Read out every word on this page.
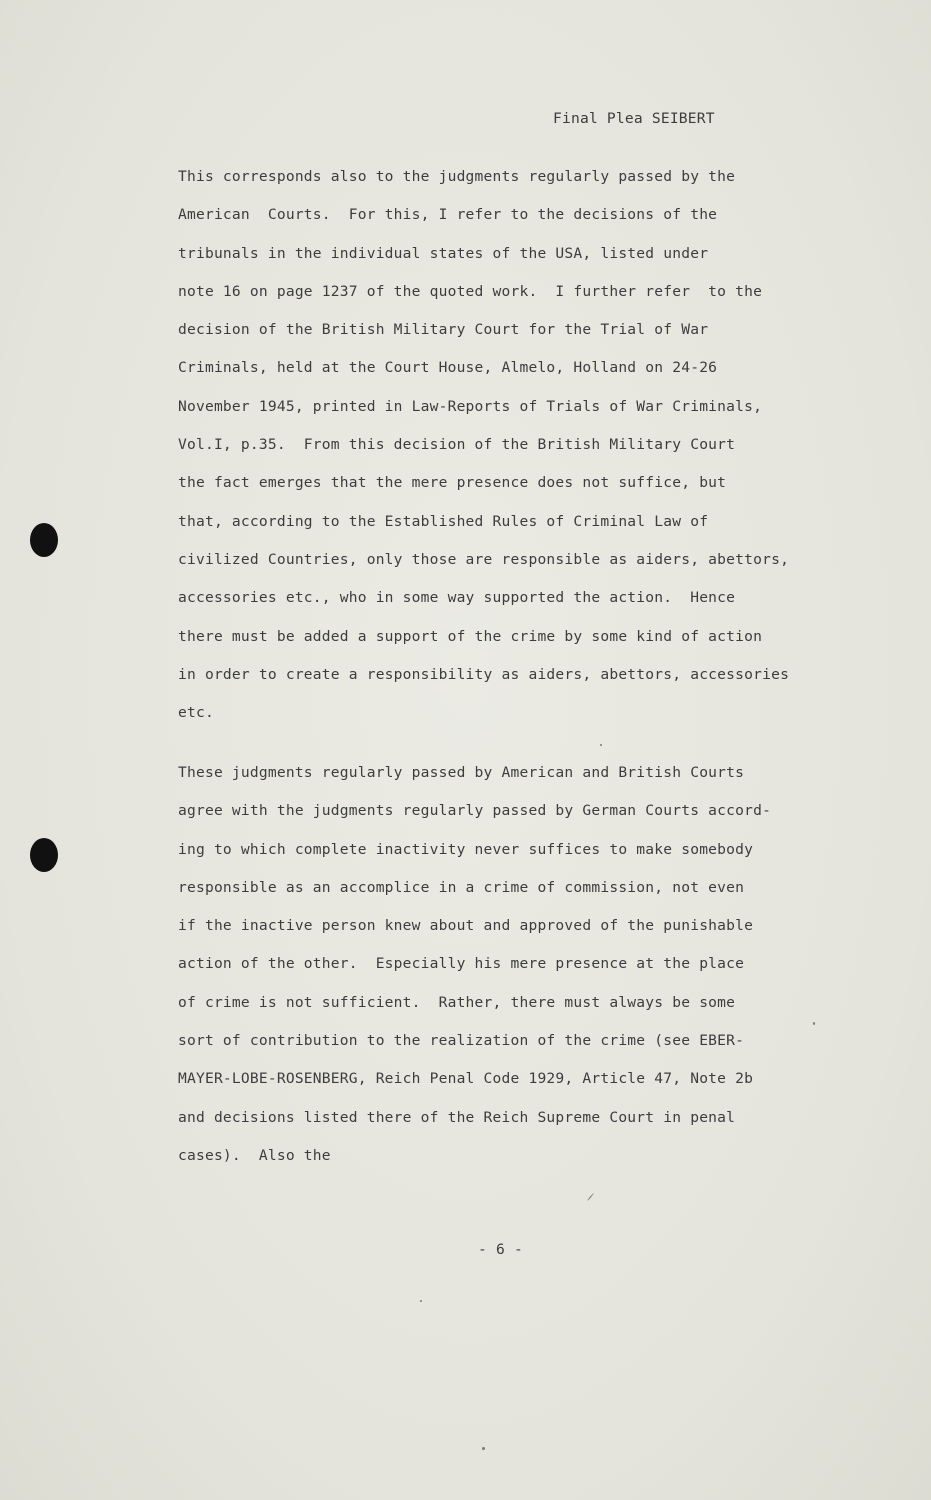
Final Plea SEIBERT
This corresponds also to the judgments regularly passed by the
American  Courts.  For this, I refer to the decisions of the
tribunals in the individual states of the USA, listed under
note 16 on page 1237 of the quoted work.  I further refer  to the
decision of the British Military Court for the Trial of War
Criminals, held at the Court House, Almelo, Holland on 24-26
November 1945, printed in Law-Reports of Trials of War Criminals,
Vol.I, p.35.  From this decision of the British Military Court
the fact emerges that the mere presence does not suffice, but
that, according to the Established Rules of Criminal Law of
civilized Countries, only those are responsible as aiders, abettors,
accessories etc., who in some way supported the action.  Hence
there must be added a support of the crime by some kind of action
in order to create a responsibility as aiders, abettors, accessories
etc.
These judgments regularly passed by American and British Courts
agree with the judgments regularly passed by German Courts accord-
ing to which complete inactivity never suffices to make somebody
responsible as an accomplice in a crime of commission, not even
if the inactive person knew about and approved of the punishable
action of the other.  Especially his mere presence at the place
of crime is not sufficient.  Rather, there must always be some
sort of contribution to the realization of the crime (see EBER-
MAYER-LOBE-ROSENBERG, Reich Penal Code 1929, Article 47, Note 2b
and decisions listed there of the Reich Supreme Court in penal
cases).  Also the
- 6 -
